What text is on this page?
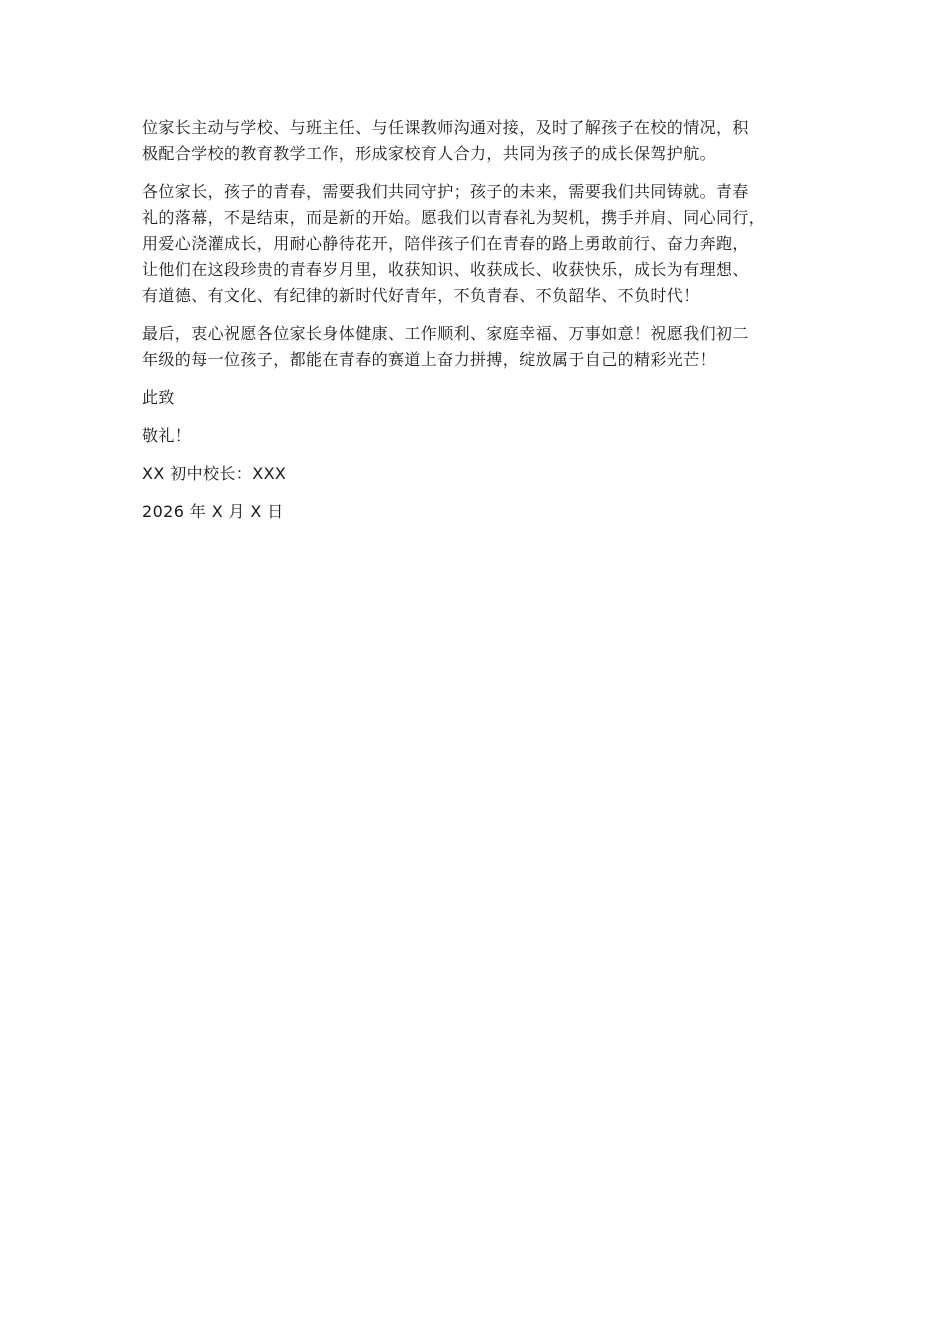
位家长主动与学校、与班主任、与任课教师沟通对接，及时了解孩子在校的情况，积
极配合学校的教育教学工作，形成家校育人合力，共同为孩子的成长保驾护航。
各位家长，孩子的青春，需要我们共同守护；孩子的未来，需要我们共同铸就。青春
礼的落幕，不是结束，而是新的开始。愿我们以青春礼为契机，携手并肩、同心同行，
用爱心浇灌成长，用耐心静待花开，陪伴孩子们在青春的路上勇敢前行、奋力奔跑，
让他们在这段珍贵的青春岁月里，收获知识、收获成长、收获快乐，成长为有理想、
有道德、有文化、有纪律的新时代好青年，不负青春、不负韶华、不负时代！
最后，衷心祝愿各位家长身体健康、工作顺利、家庭幸福、万事如意！祝愿我们初二
年级的每一位孩子，都能在青春的赛道上奋力拼搏，绽放属于自己的精彩光芒！
此致
敬礼！
XX 初中校长：XXX
2026 年 X 月 X 日
